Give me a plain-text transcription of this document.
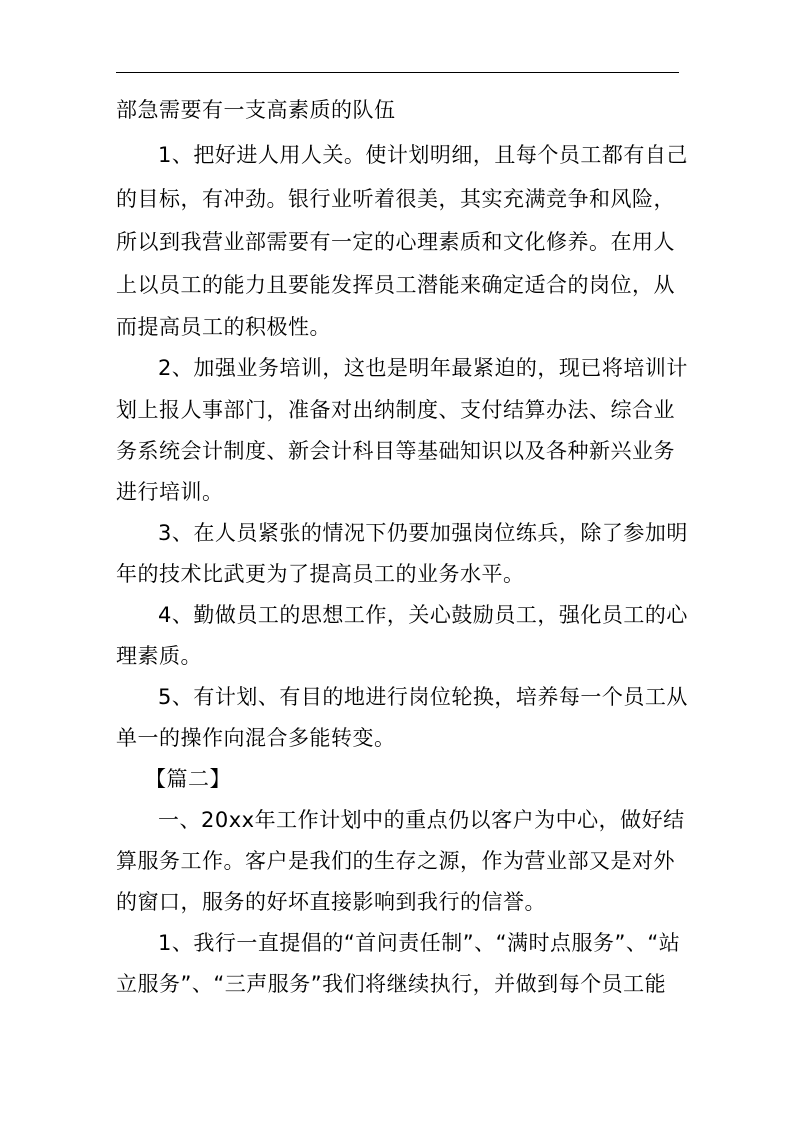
部急需要有一支高素质的队伍
1、把好进人用人关。使计划明细，且每个员工都有自己
的目标，有冲劲。银行业听着很美，其实充满竞争和风险，
所以到我营业部需要有一定的心理素质和文化修养。在用人
上以员工的能力且要能发挥员工潜能来确定适合的岗位，从
而提高员工的积极性。
2、加强业务培训，这也是明年最紧迫的，现已将培训计
划上报人事部门，准备对出纳制度、支付结算办法、综合业
务系统会计制度、新会计科目等基础知识以及各种新兴业务
进行培训。
3、在人员紧张的情况下仍要加强岗位练兵，除了参加明
年的技术比武更为了提高员工的业务水平。
4、勤做员工的思想工作，关心鼓励员工，强化员工的心
理素质。
5、有计划、有目的地进行岗位轮换，培养每一个员工从
单一的操作向混合多能转变。
【篇二】
一、20xx年工作计划中的重点仍以客户为中心，做好结
算服务工作。客户是我们的生存之源，作为营业部又是对外
的窗口，服务的好坏直接影响到我行的信誉。
1、我行一直提倡的“首问责任制”、“满时点服务”、“站
立服务”、“三声服务”我们将继续执行，并做到每个员工能
